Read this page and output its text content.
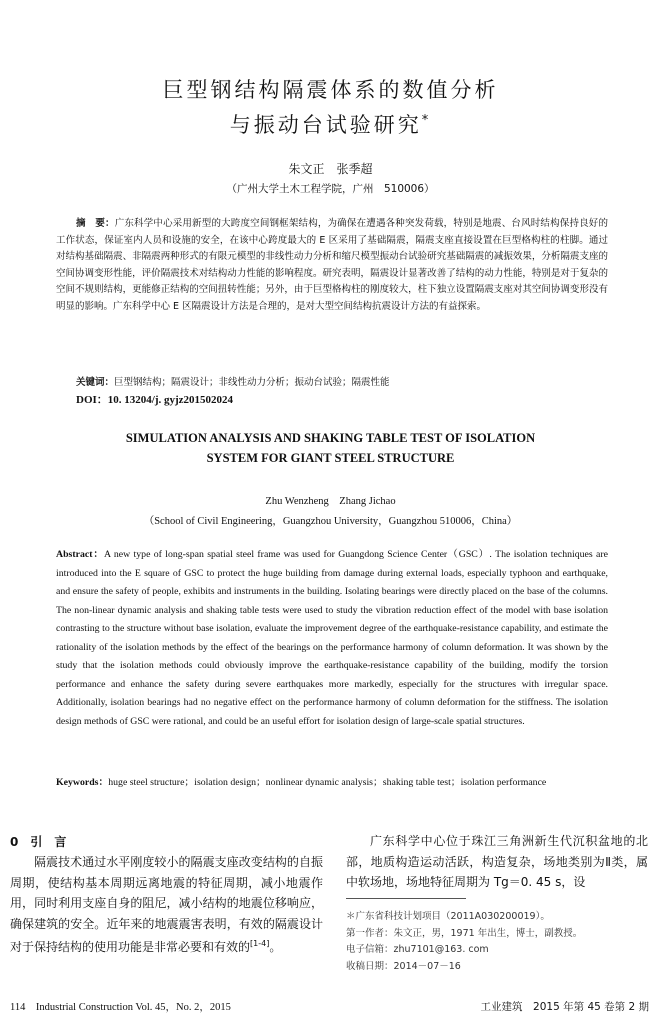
巨型钢结构隔震体系的数值分析
与振动台试验研究*
朱文正　张季超
（广州大学土木工程学院，广州　510006）
摘　要：广东科学中心采用新型的大跨度空间钢框架结构，为确保在遭遇各种突发荷载，特别是地震、台风时结构保持良好的工作状态，保证室内人员和设施的安全，在该中心跨度最大的 E 区采用了基础隔震，隔震支座直接设置在巨型格构柱的柱脚。通过对结构基础隔震、非隔震两种形式的有限元模型的非线性动力分析和缩尺模型振动台试验研究基础隔震的减振效果，分析隔震支座的空间协调变形性能，评价隔震技术对结构动力性能的影响程度。研究表明，隔震设计显著改善了结构的动力性能，特别是对于复杂的空间不规则结构，更能修正结构的空间扭转性能；另外，由于巨型格构柱的刚度较大，柱下独立设置隔震支座对其空间协调变形没有明显的影响。广东科学中心 E 区隔震设计方法是合理的，是对大型空间结构抗震设计方法的有益探索。
关键词：巨型钢结构；隔震设计；非线性动力分析；振动台试验；隔震性能
DOI：10. 13204/j. gyjz201502024
SIMULATION ANALYSIS AND SHAKING TABLE TEST OF ISOLATION
SYSTEM FOR GIANT STEEL STRUCTURE
Zhu Wenzheng　Zhang Jichao
（School of Civil Engineering，Guangzhou University，Guangzhou 510006，China）
Abstract：A new type of long-span spatial steel frame was used for Guangdong Science Center（GSC）. The isolation techniques are introduced into the E square of GSC to protect the huge building from damage during external loads, especially typhoon and earthquake, and ensure the safety of people, exhibits and instruments in the building. Isolating bearings were directly placed on the base of the columns. The non-linear dynamic analysis and shaking table tests were used to study the vibration reduction effect of the model with base isolation contrasting to the structure without base isolation, evaluate the improvement degree of the earthquake-resistance capability, and estimate the rationality of the isolation methods by the effect of the bearings on the performance harmony of column deformation. It was shown by the study that the isolation methods could obviously improve the earthquake-resistance capability of the building, modify the torsion performance and enhance the safety during severe earthquakes more markedly, especially for the structures with irregular space. Additionally, isolation bearings had no negative effect on the performance harmony of column deformation for the stiffness. The isolation design methods of GSC were rational, and could be an useful effort for isolation design of large-scale spatial structures.
Keywords：huge steel structure；isolation design；nonlinear dynamic analysis；shaking table test；isolation performance
0　引　言
隔震技术通过水平刚度较小的隔震支座改变结构的自振周期，使结构基本周期远离地震的特征周期，减小地震作用，同时利用支座自身的阻尼，减小结构的地震位移响应，确保建筑的安全。近年来的地震震害表明，有效的隔震设计对于保持结构的使用功能是非常必要和有效的[1-4]。
广东科学中心位于珠江三角洲新生代沉积盆地的北部，地质构造运动活跃，构造复杂，场地类别为Ⅱ类，属中软场地，场地特征周期为 Tg＝0. 45 s，设
＊广东省科技计划项目（2011A030200019）。
第一作者：朱文正，男，1971 年出生，博士，副教授。
电子信箱：zhu7101@163. com
收稿日期：2014－07－16
114　Industrial Construction Vol. 45，No. 2，2015	工业建筑　2015 年第 45 卷第 2 期
